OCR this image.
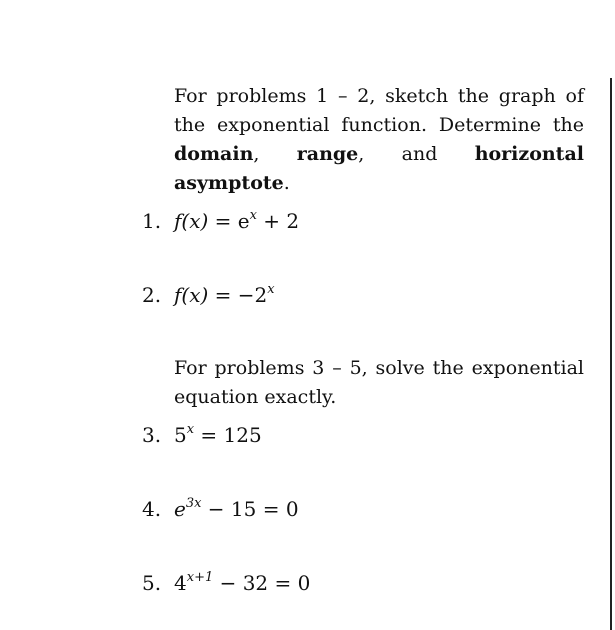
For problems 1 – 2, sketch the graph of the exponential function. Determine the domain, range, and horizontal asymptote.
1. $f(x) = e^x + 2$
2. $f(x) = -2^x$
For problems 3 – 5, solve the exponential equation exactly.
3. $5^x = 125$
4. $e^{3x} - 15 = 0$
5. $4^{x+1} - 32 = 0$
